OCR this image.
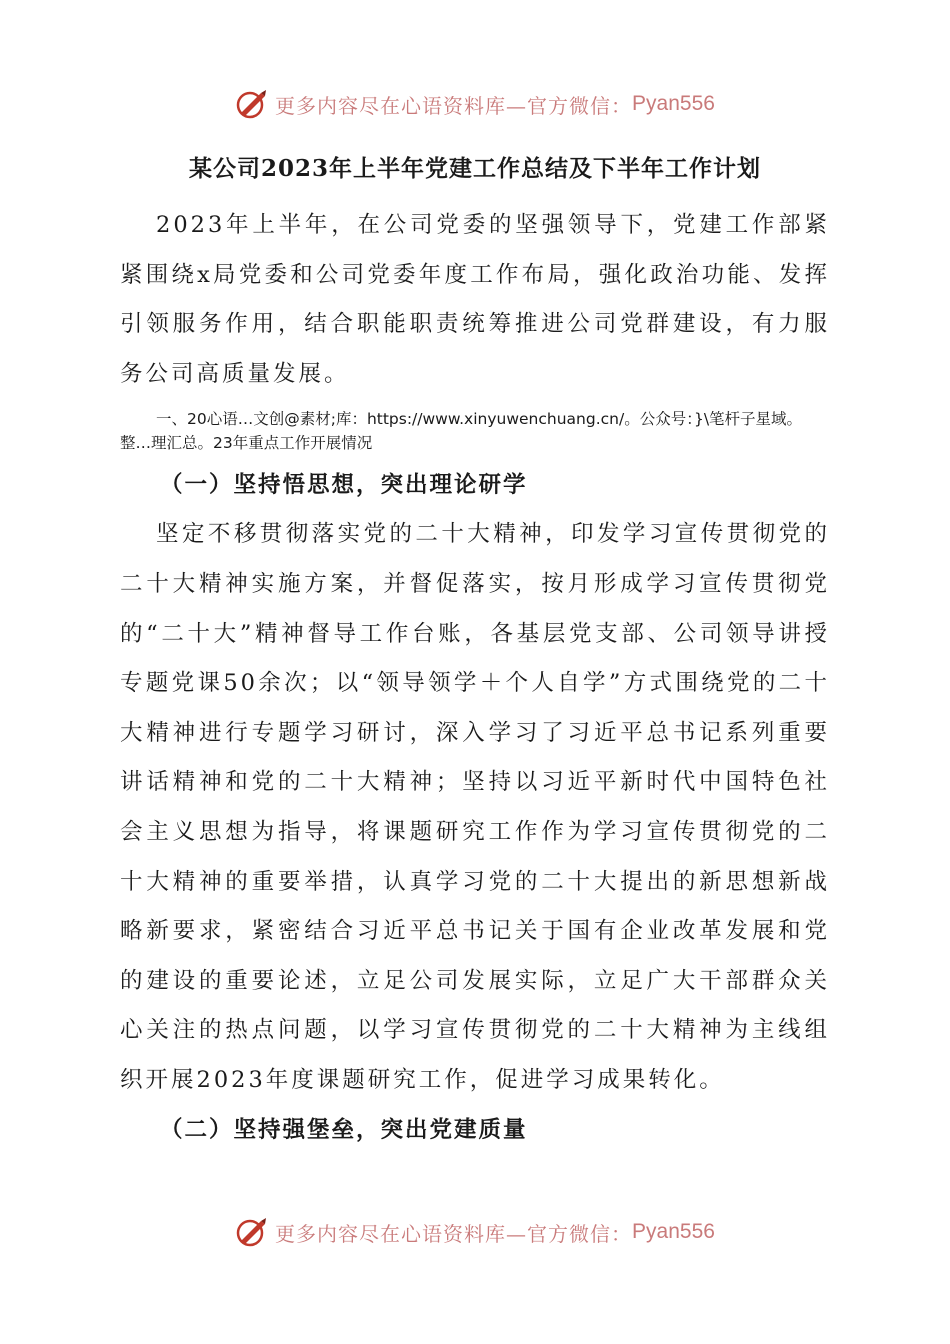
更多内容尽在心语资料库—官方微信： Pyan556
某公司2023年上半年党建工作总结及下半年工作计划

2023年上半年，在公司党委的坚强领导下，党建工作部紧紧围绕x局党委和公司党委年度工作布局，强化政治功能、发挥引领服务作用，结合职能职责统筹推进公司党群建设，有力服务公司高质量发展。

一、20心语…文创@素材;库：https://www.xinyuwenchuang.cn/。公众号：}\笔杆子星域。整…理汇总。23年重点工作开展情况

（一）坚持悟思想，突出理论研学

坚定不移贯彻落实党的二十大精神，印发学习宣传贯彻党的二十大精神实施方案，并督促落实，按月形成学习宣传贯彻党的“二十大”精神督导工作台账，各基层党支部、公司领导讲授专题党课50余次；以“领导领学＋个人自学”方式围绕党的二十大精神进行专题学习研讨，深入学习了习近平总书记系列重要讲话精神和党的二十大精神；坚持以习近平新时代中国特色社会主义思想为指导，将课题研究工作作为学习宣传贯彻党的二十大精神的重要举措，认真学习党的二十大提出的新思想新战略新要求，紧密结合习近平总书记关于国有企业改革发展和党的建设的重要论述，立足公司发展实际，立足广大干部群众关心关注的热点问题，以学习宣传贯彻党的二十大精神为主线组织开展2023年度课题研究工作，促进学习成果转化。

（二）坚持强堡垒，突出党建质量

更多内容尽在心语资料库—官方微信： Pyan556
